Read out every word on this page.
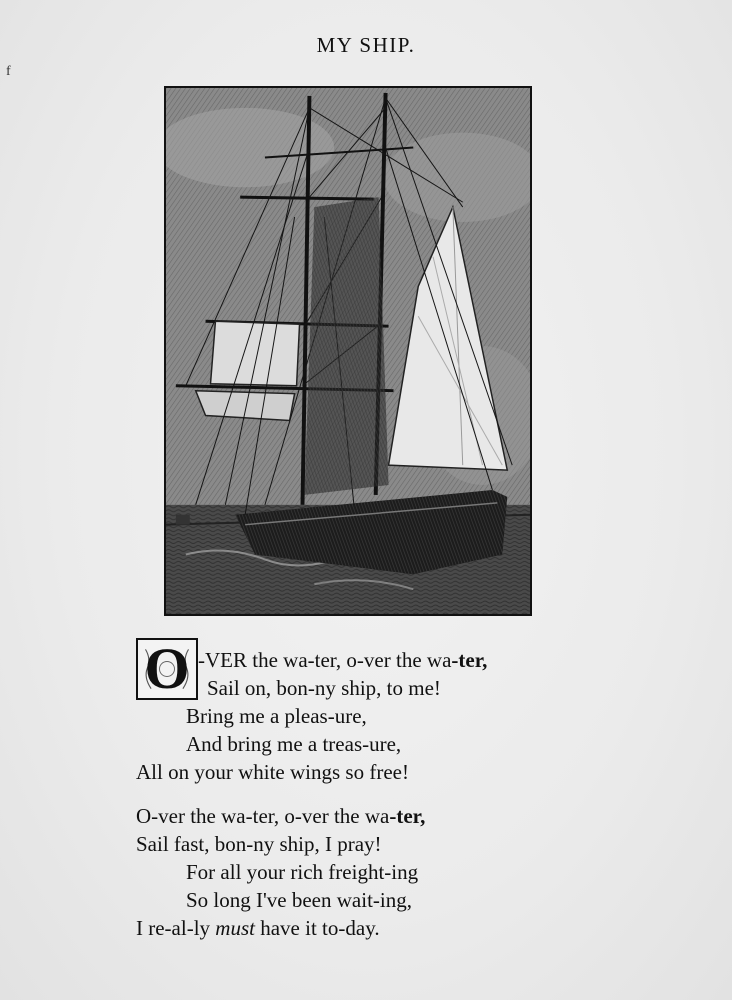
f
MY SHIP.
O -VER the wa-ter, o-ver the wa-ter,
Sail on, bon-ny ship, to me!
Bring me a pleas-ure,
And bring me a treas-ure,
All on your white wings so free!
O-ver the wa-ter, o-ver the wa-ter,
Sail fast, bon-ny ship, I pray!
For all your rich freight-ing
So long I've been wait-ing,
I re-al-ly must have it to-day.
